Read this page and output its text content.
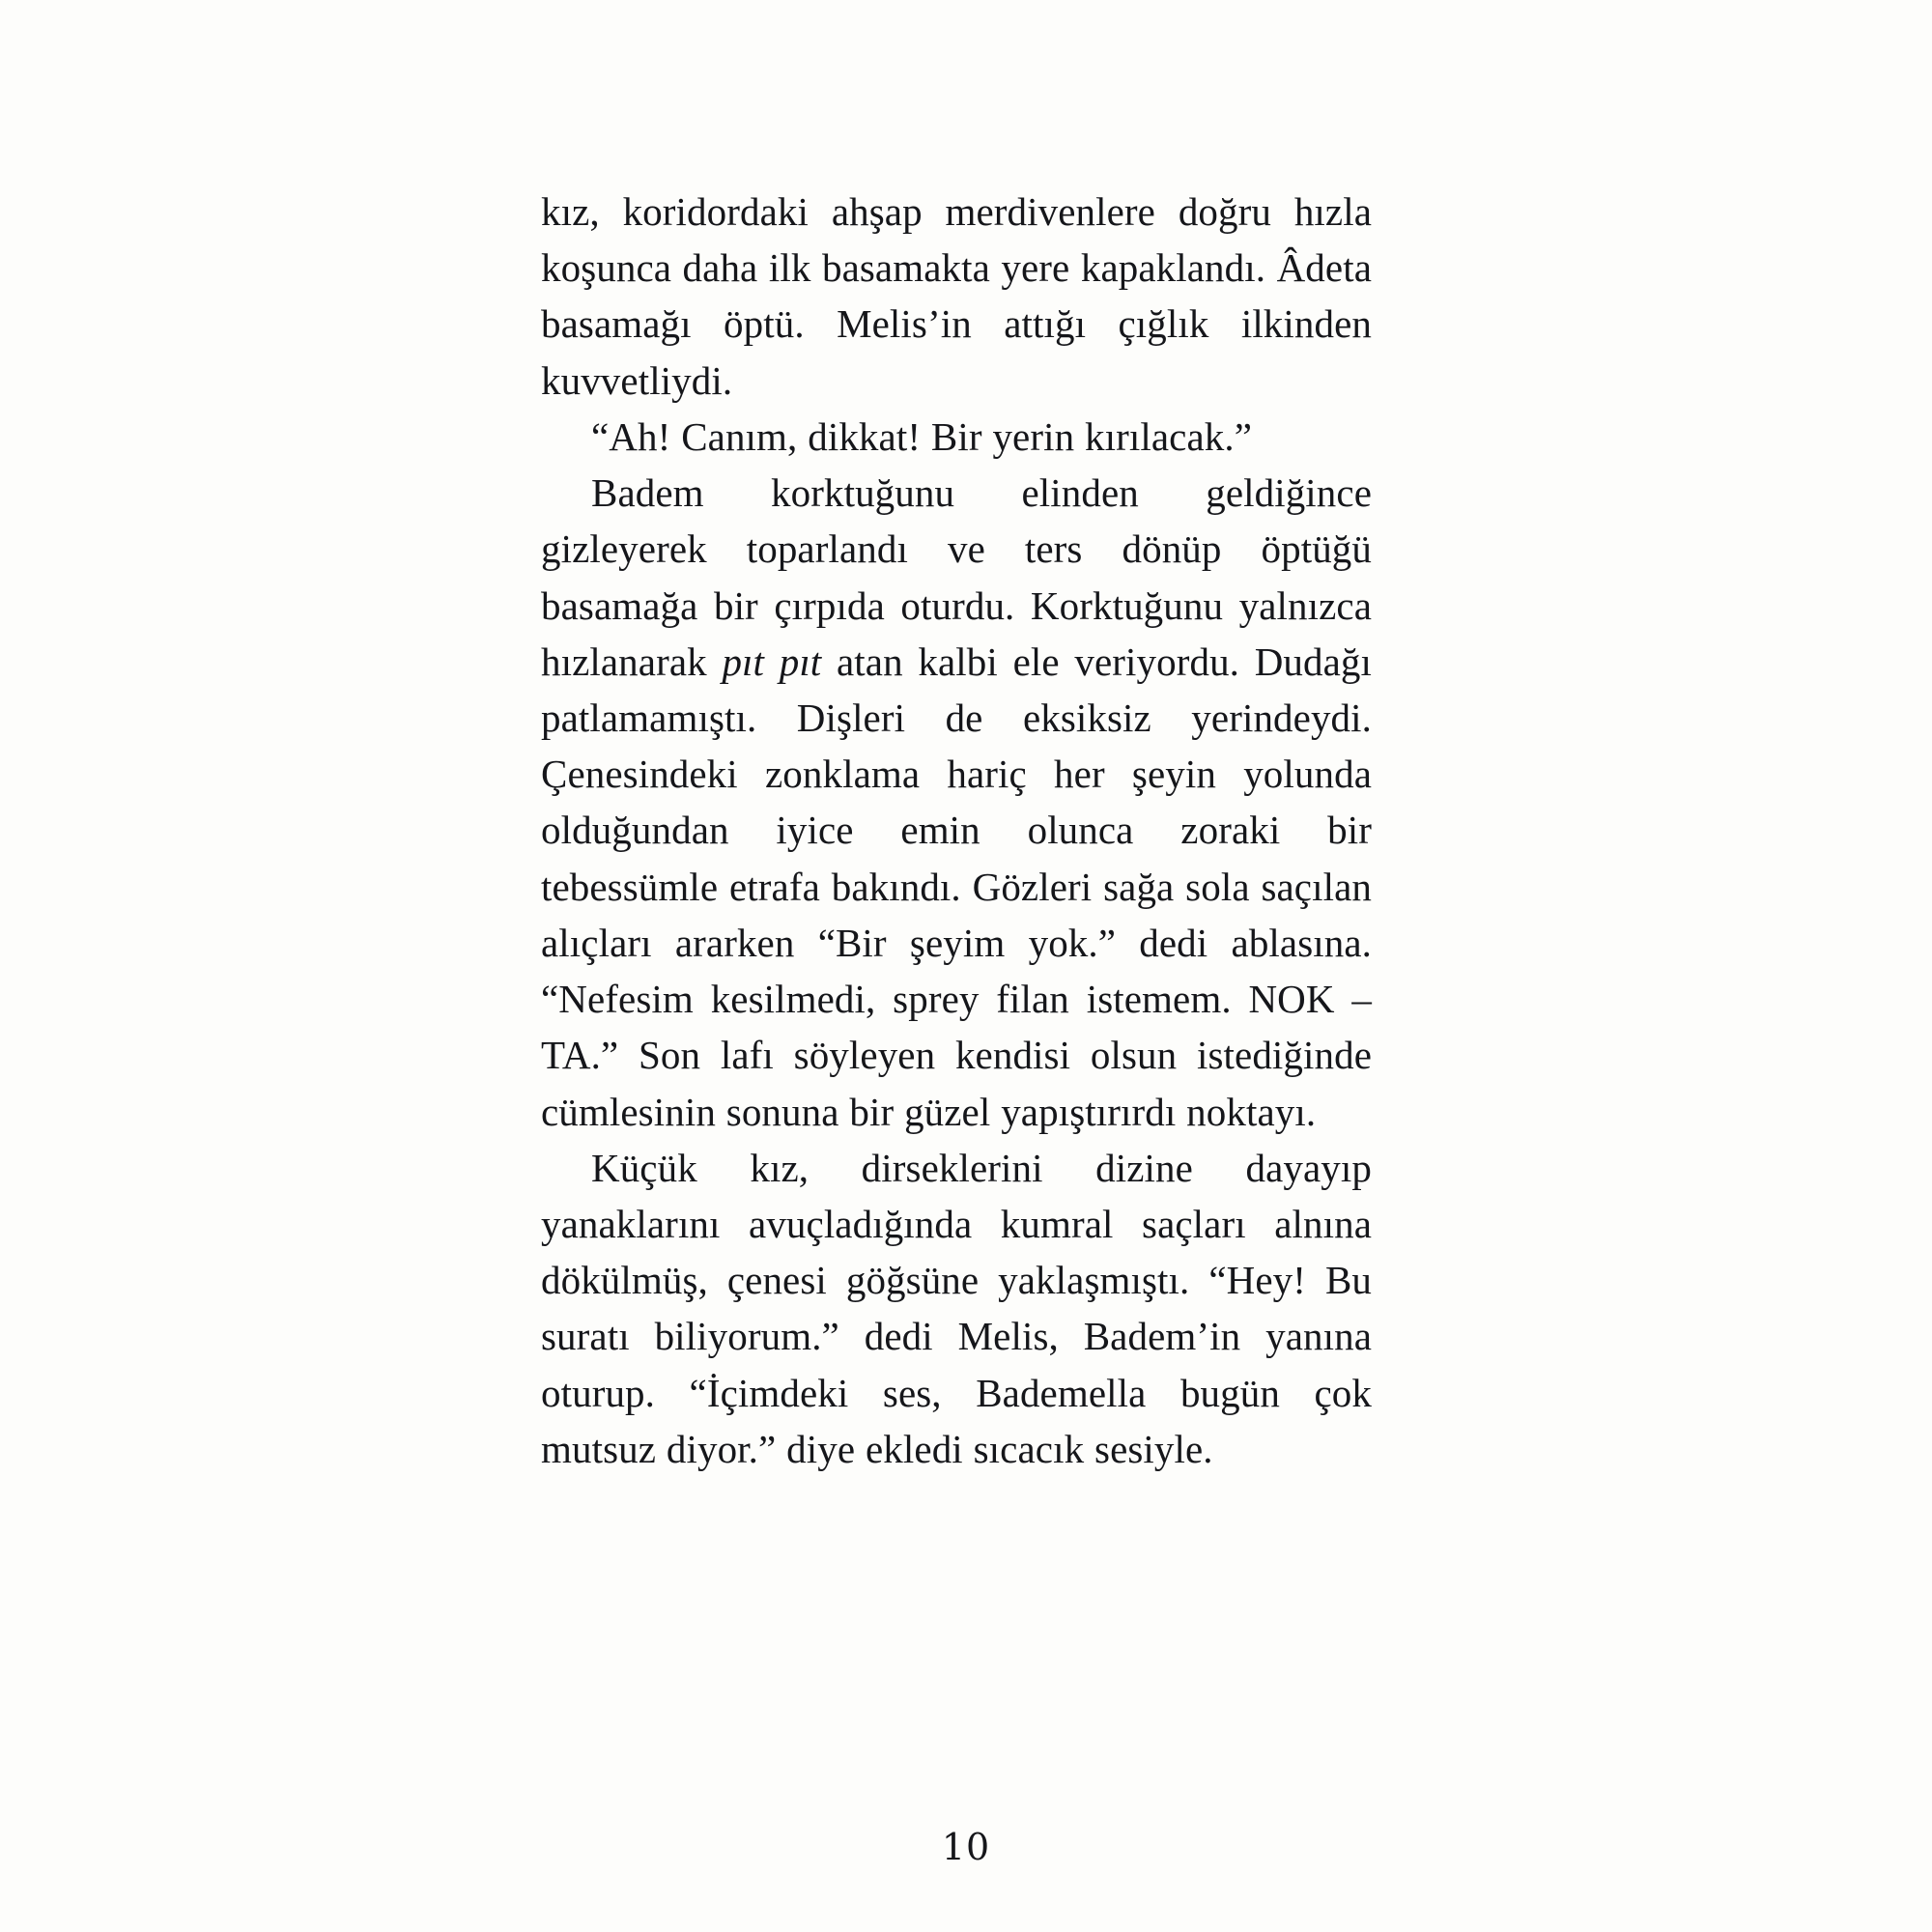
kız, koridordaki ahşap merdivenlere doğru hızla koşunca daha ilk basamakta yere kapaklandı. Âdeta basamağı öptü. Melis’in attığı çığlık ilkinden kuvvetliydi.

“Ah! Canım, dikkat! Bir yerin kırılacak.”

Badem korktuğunu elinden geldiğince gizleyerek toparlandı ve ters dönüp öptüğü basamağa bir çırpıda oturdu. Korktuğunu yalnızca hızlanarak pıt pıt atan kalbi ele veriyordu. Dudağı patlamamıştı. Dişleri de eksiksiz yerindeydi. Çenesindeki zonklama hariç her şeyin yolunda olduğundan iyice emin olunca zoraki bir tebessümle etrafa bakındı. Gözleri sağa sola saçılan alıçları ararken “Bir şeyim yok.” dedi ablasına. “Nefesim kesilmedi, sprey filan istemem. NOK – TA.” Son lafı söyleyen kendisi olsun istediğinde cümlesinin sonuna bir güzel yapıştırırdı noktayı.

Küçük kız, dirseklerini dizine dayayıp yanaklarını avuçladığında kumral saçları alnına dökülmüş, çenesi göğsüne yaklaşmıştı. “Hey! Bu suratı biliyorum.” dedi Melis, Badem’in yanına oturup. “İçimdeki ses, Bademella bugün çok mutsuz diyor.” diye ekledi sıcacık sesiyle.

10
